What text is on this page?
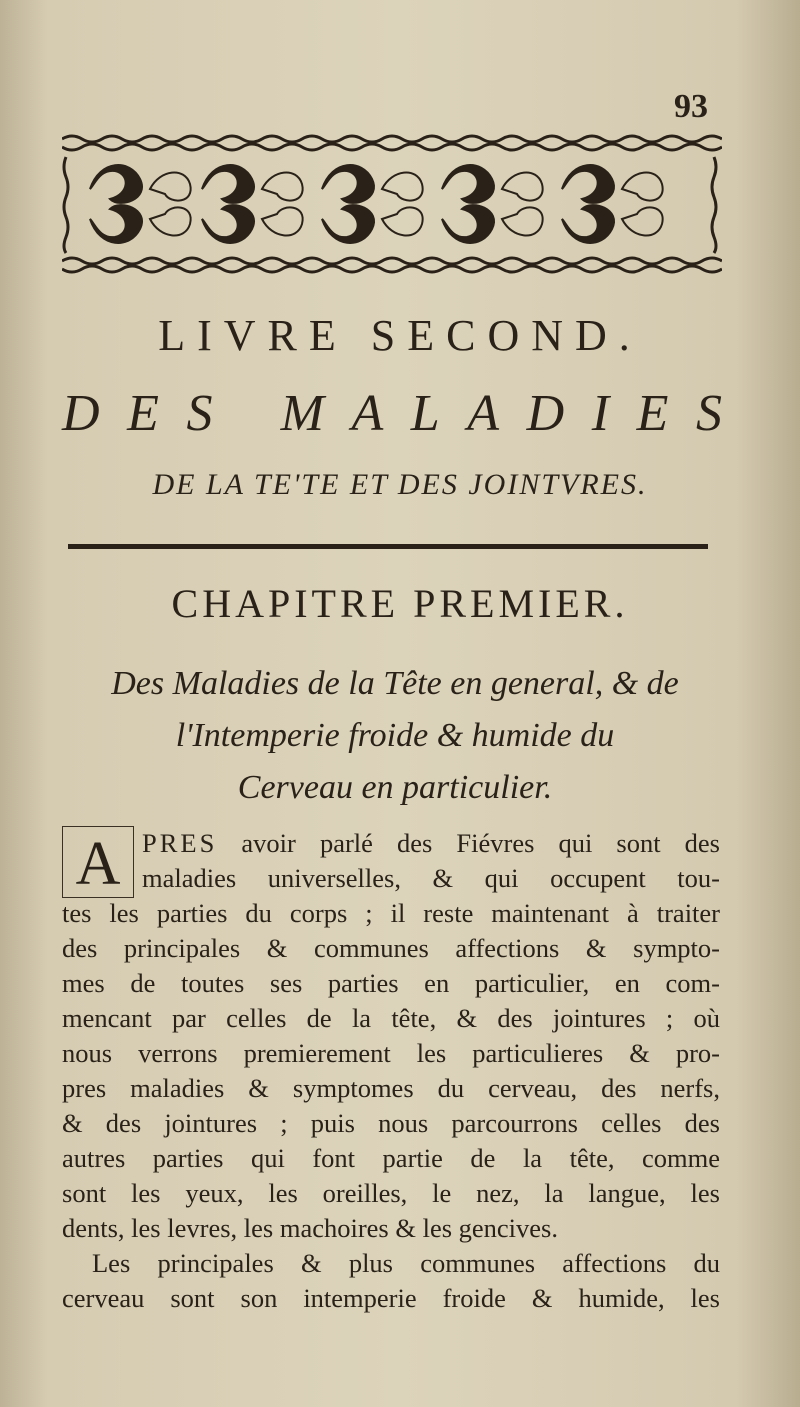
93
LIVRE SECOND.
D E S
M A L A D I E S
DE LA TE'TE ET DES JOINTVRES.
CHAPITRE PREMIER.
Des Maladies de la Tête en general, & de
l'Intemperie froide & humide du
Cerveau en particulier.
A PRES avoir parlé des Fiévres qui sont des
maladies universelles, & qui occupent tou-
tes les parties du corps ; il reste maintenant à traiter
des principales & communes affections & sympto-
mes de toutes ses parties en particulier, en com-
mencant par celles de la tête, & des jointures ; où
nous verrons premierement les particulieres & pro-
pres maladies & symptomes du cerveau, des nerfs,
& des jointures ; puis nous parcourrons celles des
autres parties qui font partie de la tête, comme
sont les yeux, les oreilles, le nez, la langue, les
dents, les levres, les machoires & les gencives.
Les principales & plus communes affections du
cerveau sont son intemperie froide & humide, les
